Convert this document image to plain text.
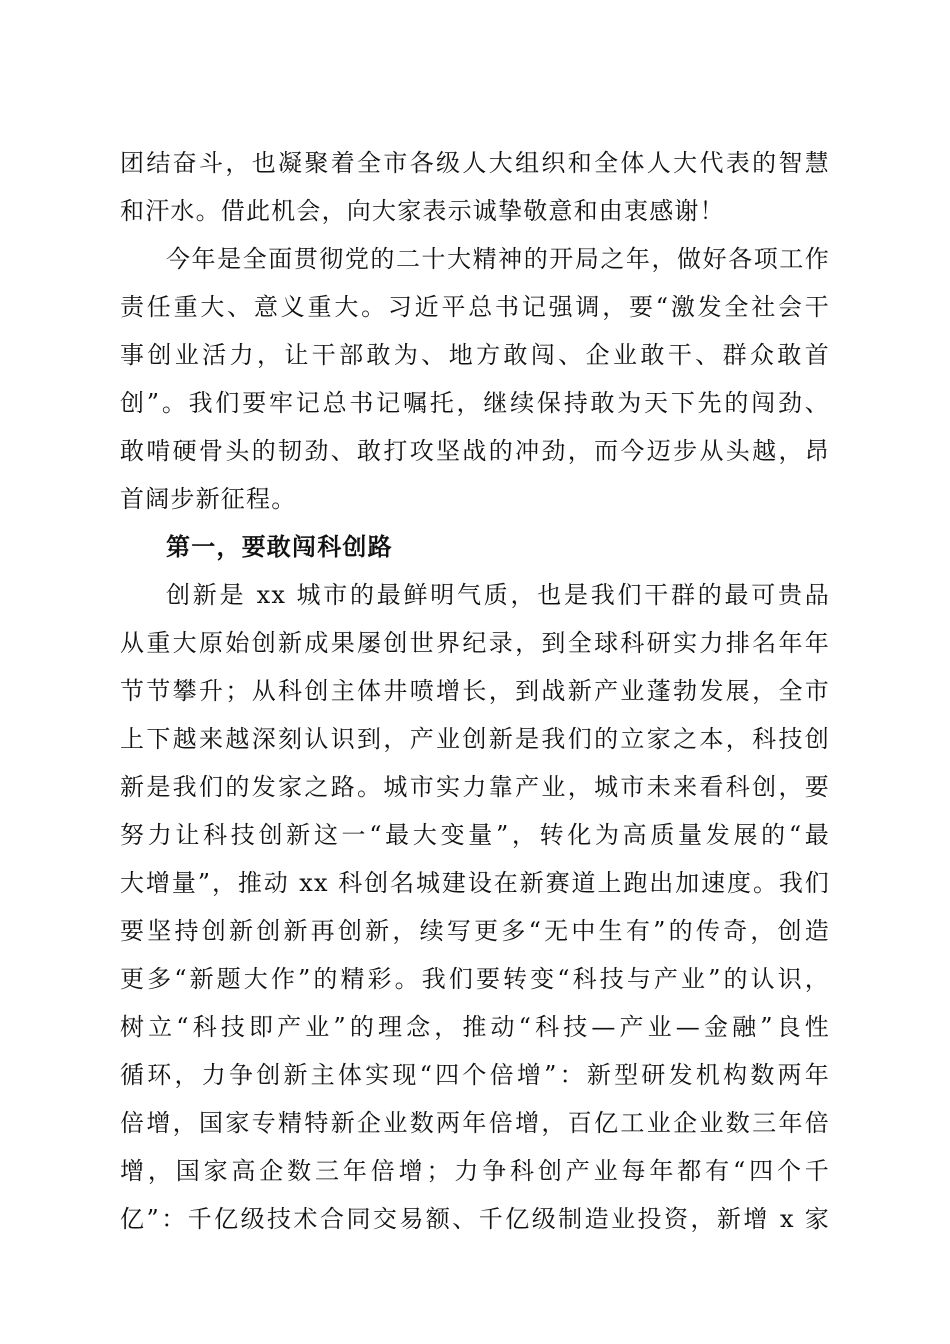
团结奋斗，也凝聚着全市各级人大组织和全体人大代表的智慧
和汗水。借此机会，向大家表示诚挚敬意和由衷感谢！
今年是全面贯彻党的二十大精神的开局之年，做好各项工作
责任重大、意义重大。习近平总书记强调，要“激发全社会干
事创业活力，让干部敢为、地方敢闯、企业敢干、群众敢首
创”。我们要牢记总书记嘱托，继续保持敢为天下先的闯劲、
敢啃硬骨头的韧劲、敢打攻坚战的冲劲，而今迈步从头越，昂
首阔步新征程。
第一，要敢闯科创路
创新是 xx 城市的最鲜明气质，也是我们干群的最可贵品
从重大原始创新成果屡创世界纪录，到全球科研实力排名年年
节节攀升；从科创主体井喷增长，到战新产业蓬勃发展，全市
上下越来越深刻认识到，产业创新是我们的立家之本，科技创
新是我们的发家之路。城市实力靠产业，城市未来看科创，要
努力让科技创新这一“最大变量”，转化为高质量发展的“最
大增量”，推动 xx 科创名城建设在新赛道上跑出加速度。我们
要坚持创新创新再创新，续写更多“无中生有”的传奇，创造
更多“新题大作”的精彩。我们要转变“科技与产业”的认识，
树立“科技即产业”的理念，推动“科技—产业—金融”良性
循环，力争创新主体实现“四个倍增”：新型研发机构数两年
倍增，国家专精特新企业数两年倍增，百亿工业企业数三年倍
增，国家高企数三年倍增；力争科创产业每年都有“四个千
亿”：千亿级技术合同交易额、千亿级制造业投资，新增 x 家
